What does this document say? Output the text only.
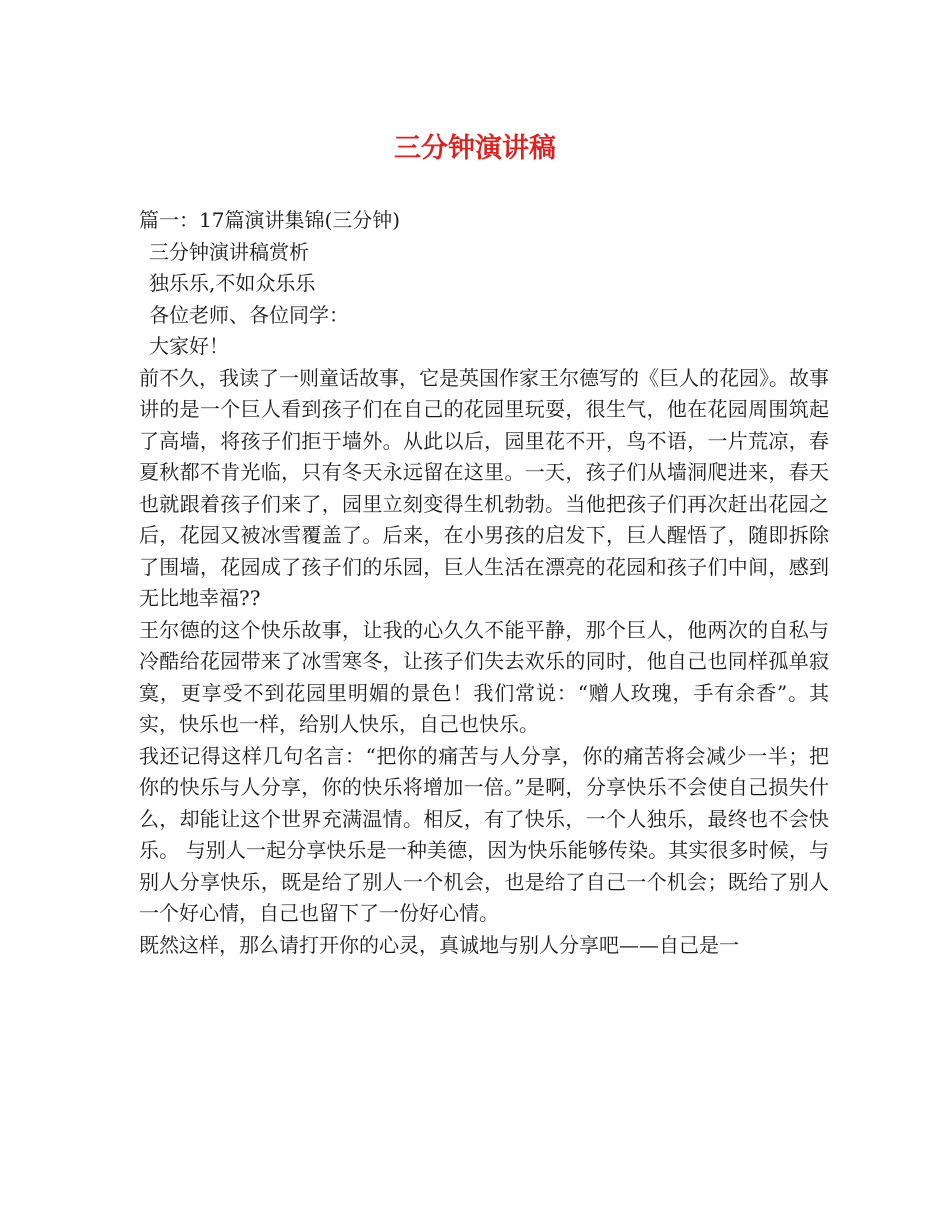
三分钟演讲稿
篇一：17篇演讲集锦(三分钟)
三分钟演讲稿赏析
独乐乐,不如众乐乐
各位老师、各位同学：
大家好！

前不久，我读了一则童话故事，它是英国作家王尔德写的《巨人的花园》。故事讲的是一个巨人看到孩子们在自己的花园里玩耍，很生气，他在花园周围筑起了高墙，将孩子们拒于墙外。从此以后，园里花不开，鸟不语，一片荒凉，春夏秋都不肯光临，只有冬天永远留在这里。一天，孩子们从墙洞爬进来，春天也就跟着孩子们来了，园里立刻变得生机勃勃。当他把孩子们再次赶出花园之后，花园又被冰雪覆盖了。后来，在小男孩的启发下，巨人醒悟了，随即拆除了围墙，花园成了孩子们的乐园，巨人生活在漂亮的花园和孩子们中间，感到无比地幸福??

王尔德的这个快乐故事，让我的心久久不能平静，那个巨人，他两次的自私与冷酷给花园带来了冰雪寒冬，让孩子们失去欢乐的同时，他自己也同样孤单寂寞，更享受不到花园里明媚的景色！我们常说：“赠人玫瑰，手有余香”。其实，快乐也一样，给别人快乐，自己也快乐。

我还记得这样几句名言：“把你的痛苦与人分享，你的痛苦将会减少一半；把你的快乐与人分享，你的快乐将增加一倍。”是啊，分享快乐不会使自己损失什么，却能让这个世界充满温情。相反，有了快乐，一个人独乐，最终也不会快乐。 与别人一起分享快乐是一种美德，因为快乐能够传染。其实很多时候，与别人分享快乐，既是给了别人一个机会，也是给了自己一个机会；既给了别人一个好心情，自己也留下了一份好心情。

既然这样，那么请打开你的心灵，真诚地与别人分享吧——自己是一
